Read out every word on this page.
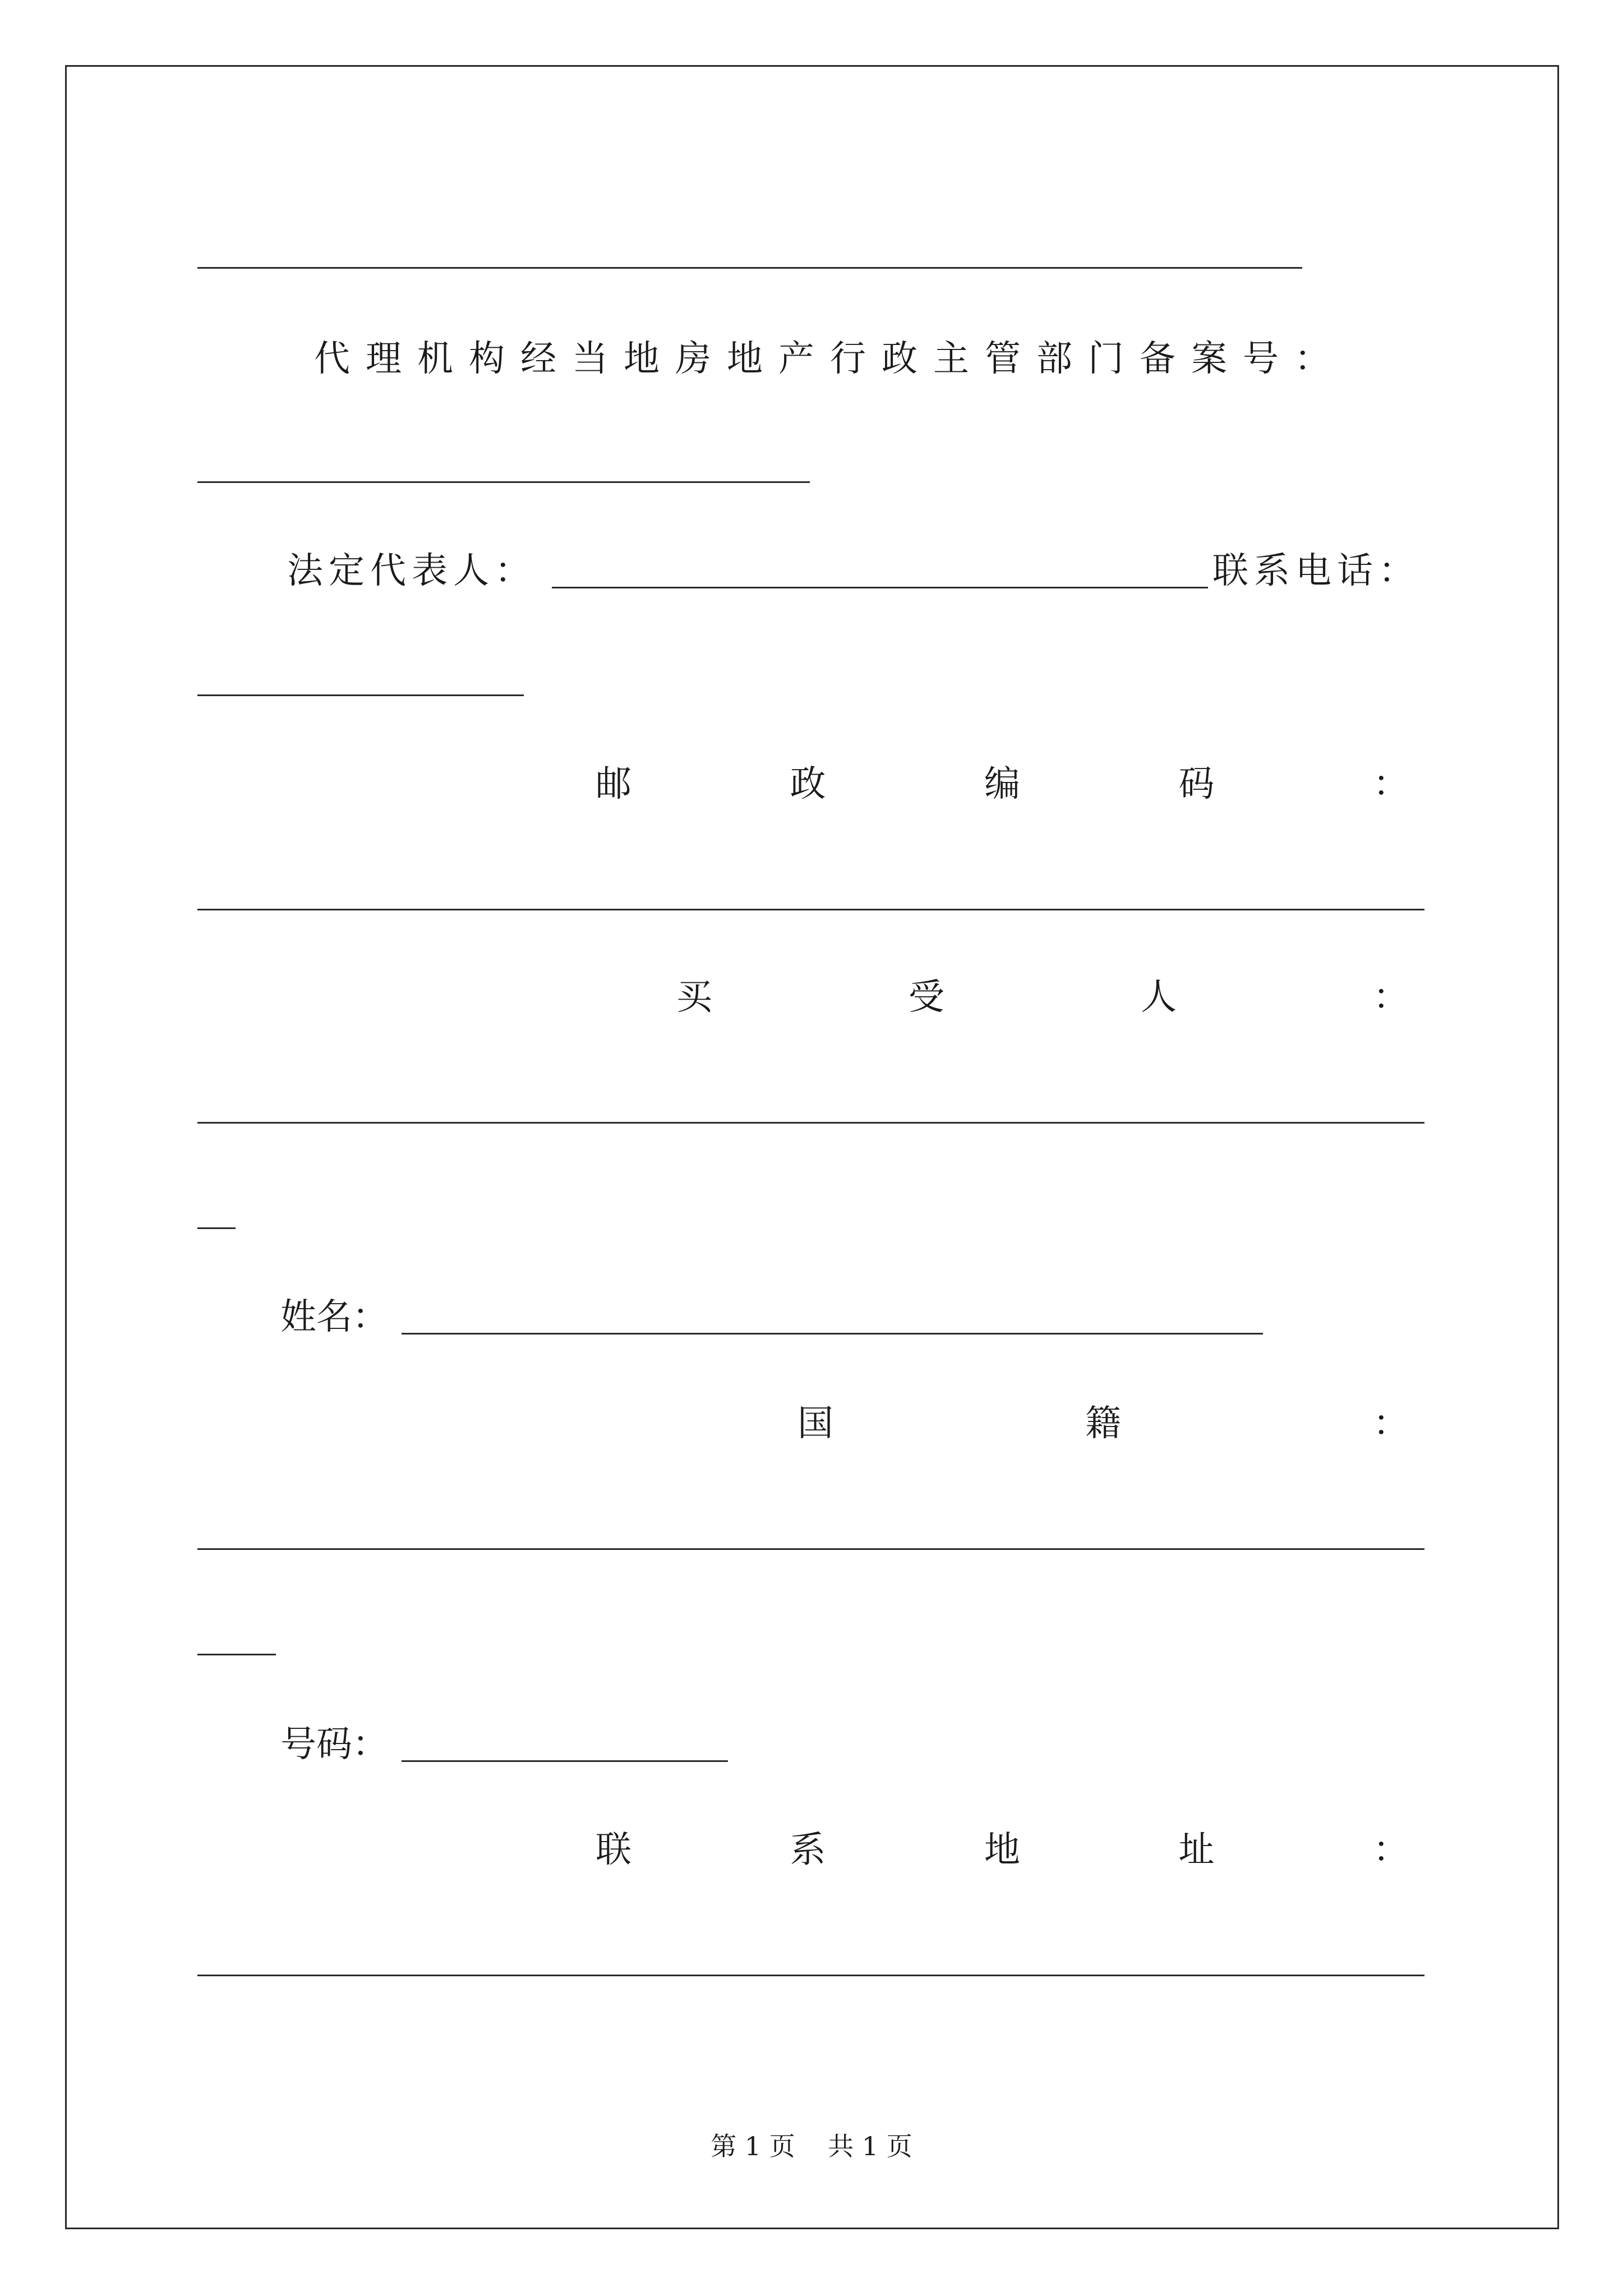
代理机构经当地房地产行政主管部门备案号：
法定代表人：	联系电话：
邮	政	编	码	：
买	受	人	：
姓名：
国	籍	：
号码：
联	系	地	址	：
第 1 页    共 1 页
